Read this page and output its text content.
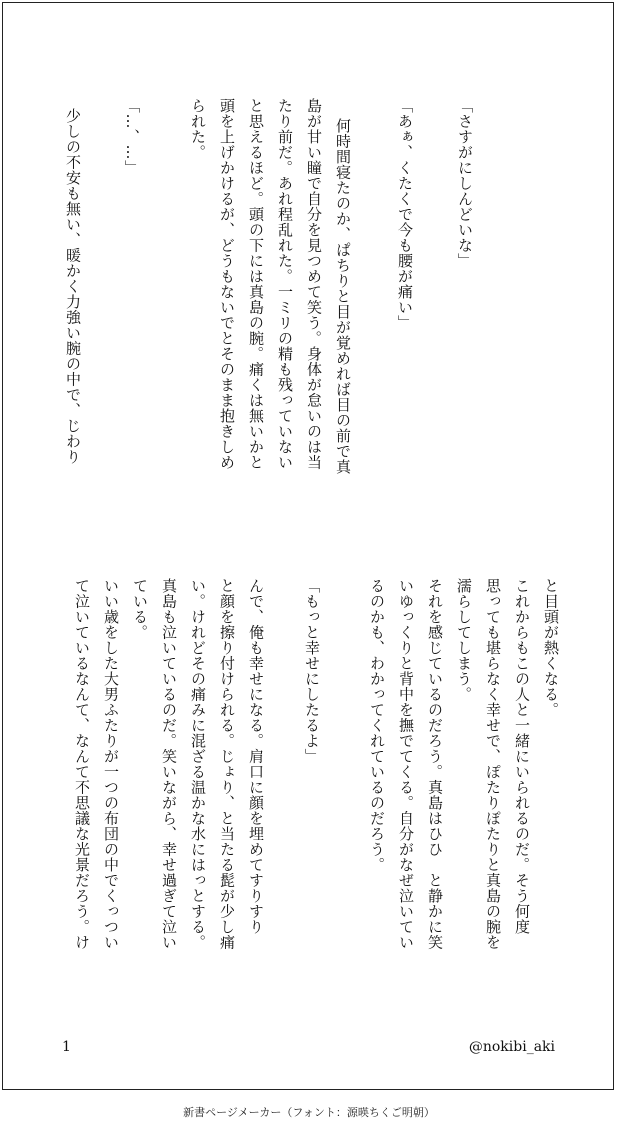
「さすがにしんどいな」

「あぁ、くたくで今も腰が痛い」

何時間寝たのか、ぱちりと目が覚めれば目の前で真

島が甘い瞳で自分を見つめて笑う。身体が怠いのは当

たり前だ。あれ程乱れた。一ミリの精も残っていない

と思えるほど。頭の下には真島の腕。痛くは無いかと

頭を上げかけるが、どうもないでとそのまま抱きしめ

られた。

「…、…」

少しの不安も無い、暖かく力強い腕の中で、じわり

と目頭が熱くなる。

これからもこの人と一緒にいられるのだ。そう何度

思っても堪らなく幸せで、ぽたりぽたりと真島の腕を

濡らしてしまう。

それを感じているのだろう。真島はひひ　と静かに笑

いゆっくりと背中を撫でてくる。自分がなぜ泣いてい

るのかも、わかってくれているのだろう。

「もっと幸せにしたるよ」

んで、俺も幸せになる。肩口に顔を埋めてすりすり

と顔を擦り付けられる。じょり、と当たる髭が少し痛

い。けれどその痛みに混ざる温かな水にはっとする。

真島も泣いているのだ。笑いながら、幸せ過ぎて泣い

ている。

いい歳をした大男ふたりが一つの布団の中でくっつい

て泣いているなんて、なんて不思議な光景だろう。け

1	@nokibi_aki
新書ページメーカー（フォント：源暎ちくご明朝）
